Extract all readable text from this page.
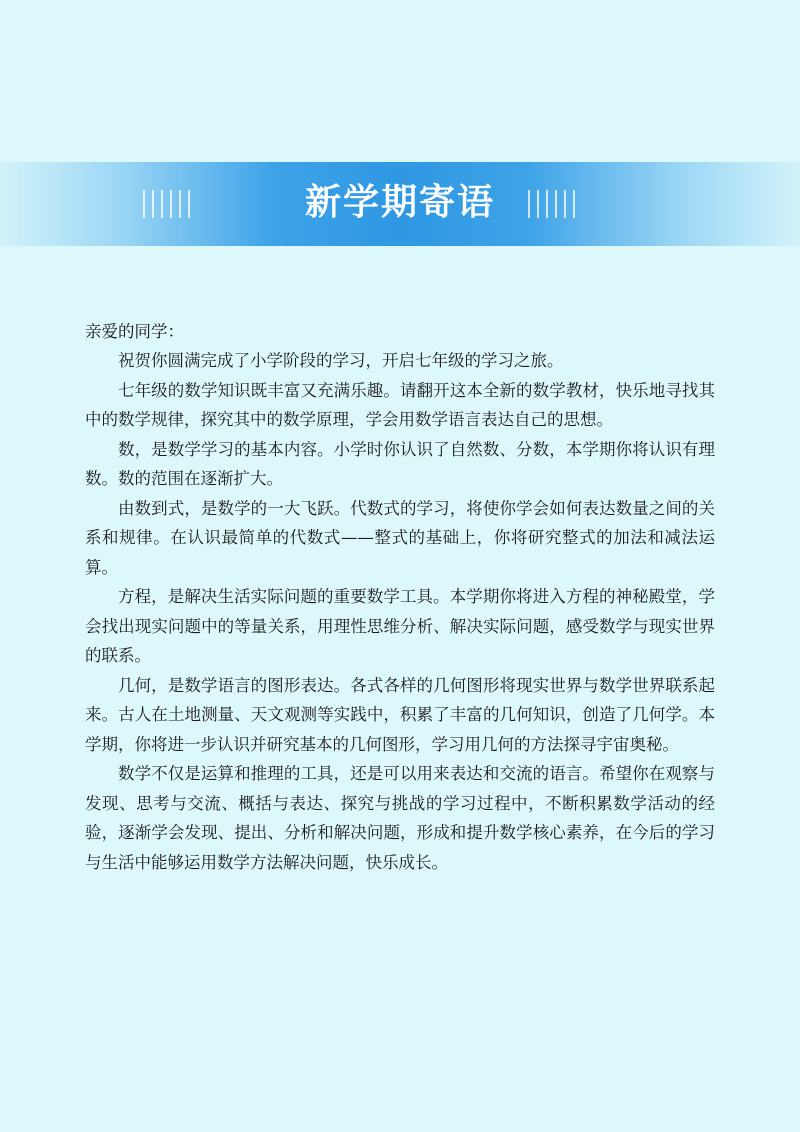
新学期寄语

亲爱的同学：

祝贺你圆满完成了小学阶段的学习，开启七年级的学习之旅。

七年级的数学知识既丰富又充满乐趣。请翻开这本全新的数学教材，快乐地寻找其中的数学规律，探究其中的数学原理，学会用数学语言表达自己的思想。

数，是数学学习的基本内容。小学时你认识了自然数、分数，本学期你将认识有理数。数的范围在逐渐扩大。

由数到式，是数学的一大飞跃。代数式的学习，将使你学会如何表达数量之间的关系和规律。在认识最简单的代数式——整式的基础上，你将研究整式的加法和减法运算。

方程，是解决生活实际问题的重要数学工具。本学期你将进入方程的神秘殿堂，学会找出现实问题中的等量关系，用理性思维分析、解决实际问题，感受数学与现实世界的联系。

几何，是数学语言的图形表达。各式各样的几何图形将现实世界与数学世界联系起来。古人在土地测量、天文观测等实践中，积累了丰富的几何知识，创造了几何学。本学期，你将进一步认识并研究基本的几何图形，学习用几何的方法探寻宇宙奥秘。

数学不仅是运算和推理的工具，还是可以用来表达和交流的语言。希望你在观察与发现、思考与交流、概括与表达、探究与挑战的学习过程中，不断积累数学活动的经验，逐渐学会发现、提出、分析和解决问题，形成和提升数学核心素养，在今后的学习与生活中能够运用数学方法解决问题，快乐成长。
